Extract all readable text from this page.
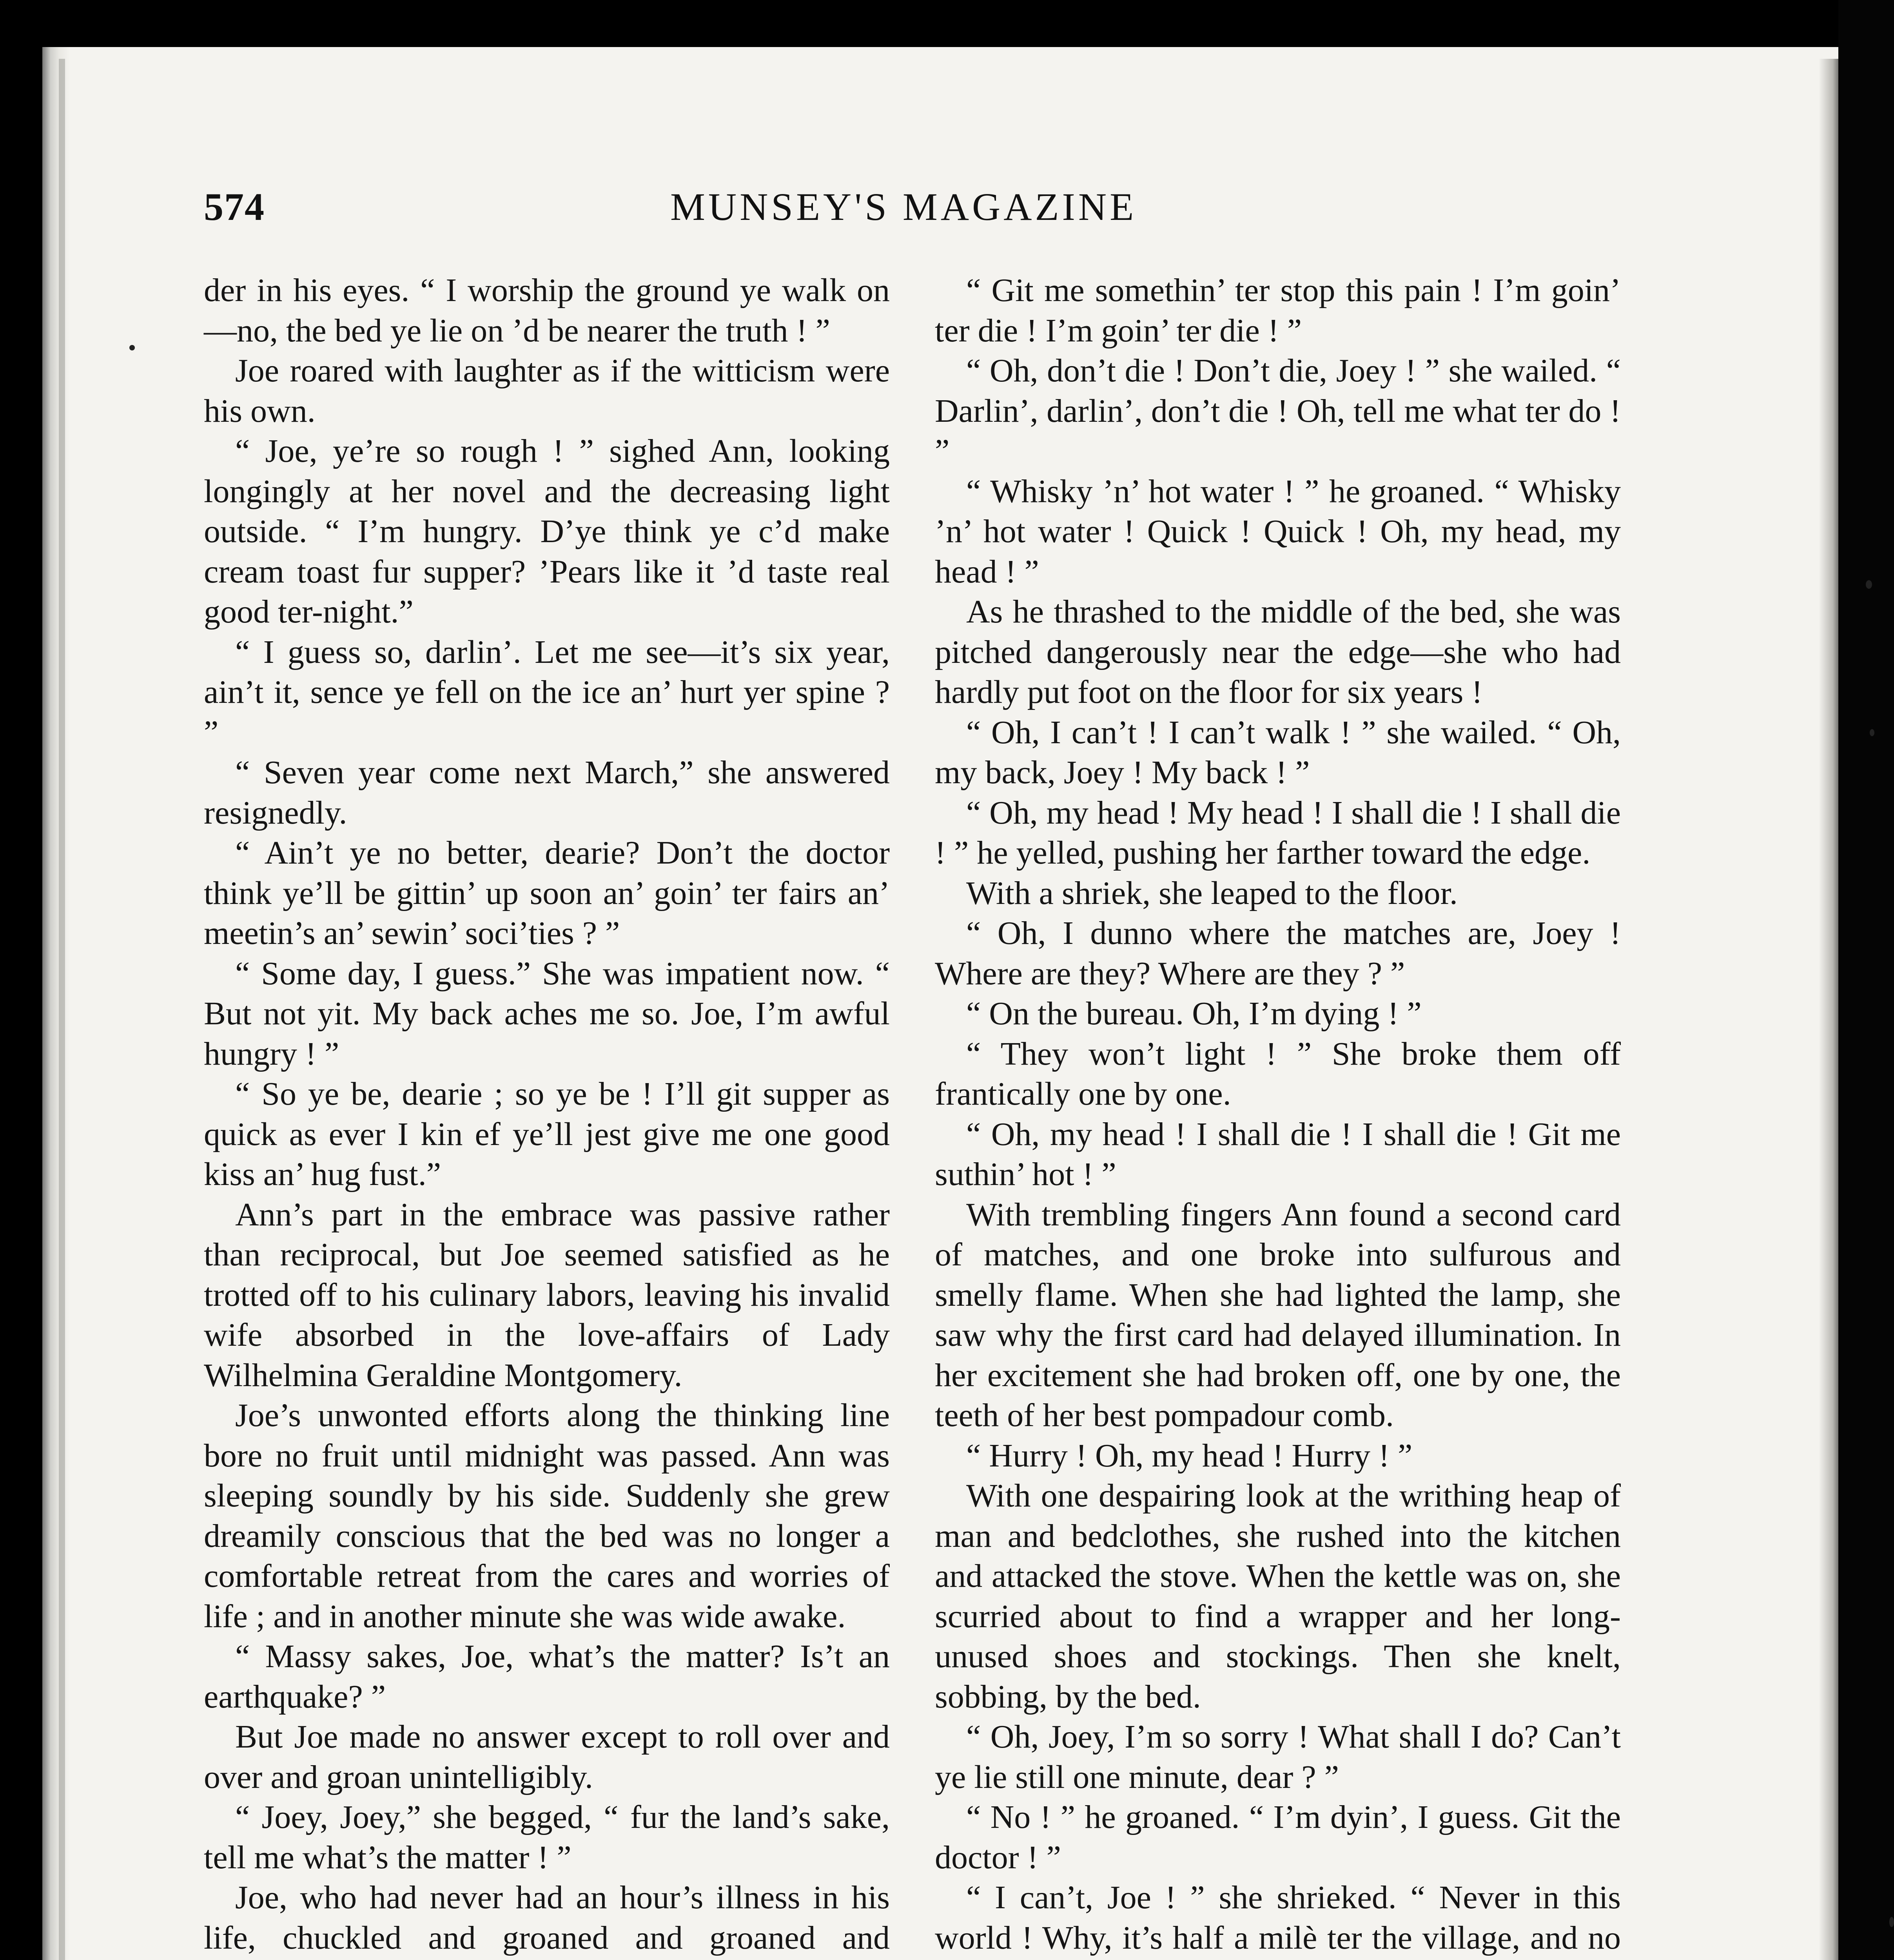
574	MUNSEY'S MAGAZINE

der in his eyes. “ I worship the ground ye walk on—no, the bed ye lie on ’d be nearer the truth ! ”

Joe roared with laughter as if the witticism were his own.

“ Joe, ye’re so rough ! ” sighed Ann, looking longingly at her novel and the decreasing light outside. “ I’m hungry. D’ye think ye c’d make cream toast fur supper? ’Pears like it ’d taste real good ter-night.”

“ I guess so, darlin’. Let me see—it’s six year, ain’t it, sence ye fell on the ice an’ hurt yer spine ? ”

“ Seven year come next March,” she answered resignedly.

“ Ain’t ye no better, dearie? Don’t the doctor think ye’ll be gittin’ up soon an’ goin’ ter fairs an’ meetin’s an’ sewin’ soci’ties ? ”

“ Some day, I guess.” She was impatient now. “ But not yit. My back aches me so. Joe, I’m awful hungry ! ”

“ So ye be, dearie ; so ye be ! I’ll git supper as quick as ever I kin ef ye’ll jest give me one good kiss an’ hug fust.”

Ann’s part in the embrace was passive rather than reciprocal, but Joe seemed satisfied as he trotted off to his culinary labors, leaving his invalid wife absorbed in the love-affairs of Lady Wilhelmina Geraldine Montgomery.

Joe’s unwonted efforts along the thinking line bore no fruit until midnight was passed. Ann was sleeping soundly by his side. Suddenly she grew dreamily conscious that the bed was no longer a comfortable retreat from the cares and worries of life ; and in another minute she was wide awake.

“ Massy sakes, Joe, what’s the matter? Is’t an earthquake? ”

But Joe made no answer except to roll over and over and groan unintelligibly.

“ Joey, Joey,” she begged, “ fur the land’s sake, tell me what’s the matter ! ”

Joe, who had never had an hour’s illness in his life, chuckled and groaned and groaned and

“ Git me somethin’ ter stop this pain ! I’m goin’ ter die ! I’m goin’ ter die ! ”

“ Oh, don’t die ! Don’t die, Joey ! ” she wailed. “ Darlin’, darlin’, don’t die ! Oh, tell me what ter do ! ”

“ Whisky ’n’ hot water ! ” he groaned. “ Whisky ’n’ hot water ! Quick ! Quick ! Oh, my head, my head ! ”

As he thrashed to the middle of the bed, she was pitched dangerously near the edge—she who had hardly put foot on the floor for six years !

“ Oh, I can’t ! I can’t walk ! ” she wailed. “ Oh, my back, Joey ! My back ! ”

“ Oh, my head ! My head ! I shall die ! I shall die ! ” he yelled, pushing her farther toward the edge.

With a shriek, she leaped to the floor.

“ Oh, I dunno where the matches are, Joey ! Where are they? Where are they ? ”

“ On the bureau. Oh, I’m dying ! ”

“ They won’t light ! ” She broke them off frantically one by one.

“ Oh, my head ! I shall die ! I shall die ! Git me suthin’ hot ! ”

With trembling fingers Ann found a second card of matches, and one broke into sulfurous and smelly flame. When she had lighted the lamp, she saw why the first card had delayed illumination. In her excitement she had broken off, one by one, the teeth of her best pompadour comb.

“ Hurry ! Oh, my head ! Hurry ! ”

With one despairing look at the writhing heap of man and bedclothes, she rushed into the kitchen and attacked the stove. When the kettle was on, she scurried about to find a wrapper and her long-unused shoes and stockings. Then she knelt, sobbing, by the bed.

“ Oh, Joey, I’m so sorry ! What shall I do? Can’t ye lie still one minute, dear ? ”

“ No ! ” he groaned. “ I’m dyin’, I guess. Git the doctor ! ”

“ I can’t, Joe ! ” she shrieked. “ Never in this world ! Why, it’s half a milè ter the village, and no
